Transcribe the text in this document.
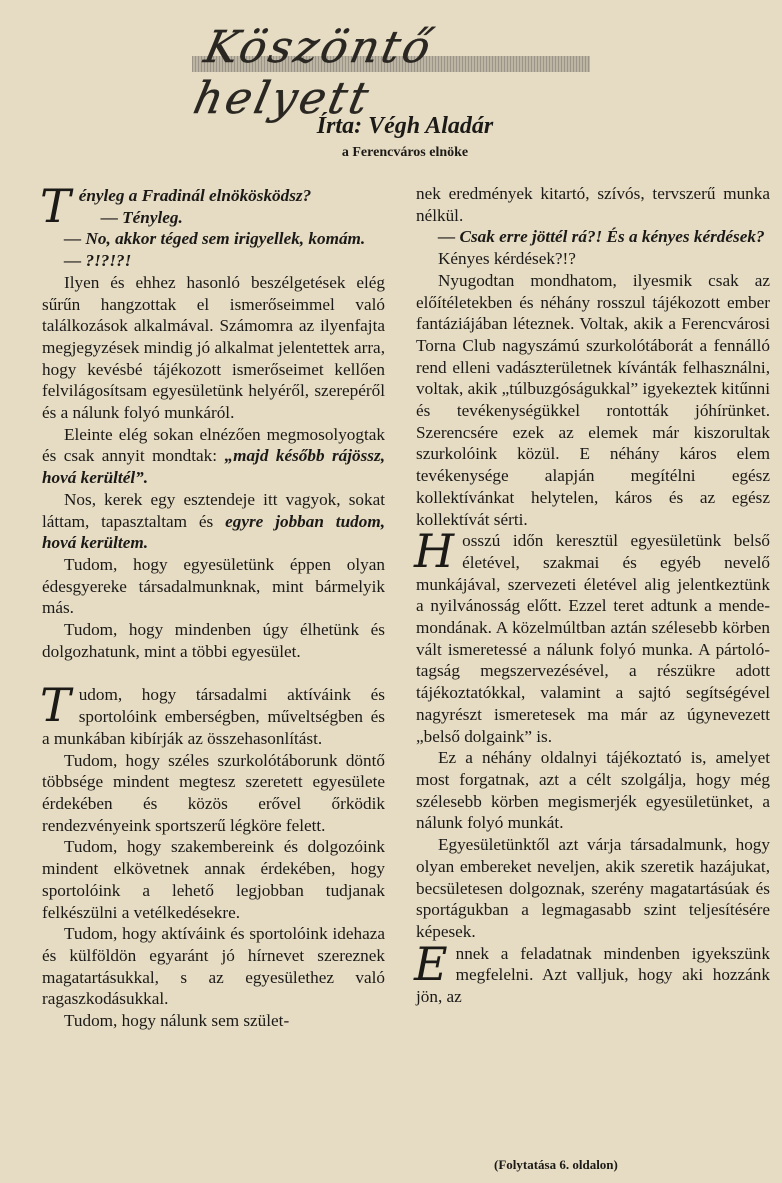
Köszöntő helyett
Írta: Végh Aladár
a Ferencváros elnöke

Tényleg a Fradinál elnökösködsz?

— Tényleg.

— No, akkor téged sem irigyellek, komám.

— ?!?!?!

Ilyen és ehhez hasonló beszélgetések elég sűrűn hangzottak el ismerőseimmel való találkozások alkalmával. Számomra az ilyenfajta megjegyzések mindig jó alkalmat jelentettek arra, hogy kevésbé tájékozott ismerőseimet kellően felvilágosítsam egyesületünk helyéről, szerepéről és a nálunk folyó munkáról.

Eleinte elég sokan elnézően megmosolyogtak és csak annyit mondtak: „majd később rájössz, hová kerültél”.

Nos, kerek egy esztendeje itt vagyok, sokat láttam, tapasztaltam és egyre jobban tudom, hová kerültem.

Tudom, hogy egyesületünk éppen olyan édesgyereke társadalmunknak, mint bármelyik más.

Tudom, hogy mindenben úgy élhetünk és dolgozhatunk, mint a többi egyesület.

Tudom, hogy társadalmi aktíváink és sportolóink emberségben, műveltségben és a munkában kibírják az összehasonlítást.

Tudom, hogy széles szurkolótáborunk döntő többsége mindent megtesz szeretett egyesülete érdekében és közös erővel őrködik rendezvényeink sportszerű légköre felett.

Tudom, hogy szakembereink és dolgozóink mindent elkövetnek annak érdekében, hogy sportolóink a lehető legjobban tudjanak felkészülni a vetélkedésekre.

Tudom, hogy aktíváink és sportolóink idehaza és külföldön egyaránt jó hírnevet szereznek magatartásukkal, s az egyesülethez való ragaszkodásukkal.

Tudom, hogy nálunk sem szület-

nek eredmények kitartó, szívós, tervszerű munka nélkül.

— Csak erre jöttél rá?! És a kényes kérdések?

Kényes kérdések?!?

Nyugodtan mondhatom, ilyesmik csak az előítéletekben és néhány rosszul tájékozott ember fantáziájában léteznek. Voltak, akik a Ferencvárosi Torna Club nagyszámú szurkolótáborát a fennálló rend elleni vadászterületnek kívánták felhasználni, voltak, akik „túlbuzgóságukkal” igyekeztek kitűnni és tevékenységükkel rontották jóhírünket. Szerencsére ezek az elemek már kiszorultak szurkolóink közül. E néhány káros elem tevékenysége alapján megítélni egész kollektívánkat helytelen, káros és az egész kollektívát sérti.

Hosszú időn keresztül egyesületünk belső életével, szakmai és egyéb nevelő munkájával, szervezeti életével alig jelentkeztünk a nyilvánosság előtt. Ezzel teret adtunk a mende-mondának. A közelmúltban aztán szélesebb körben vált ismeretessé a nálunk folyó munka. A pártoló-tagság megszervezésével, a részükre adott tájékoztatókkal, valamint a sajtó segítségével nagyrészt ismeretesek ma már az úgynevezett „belső dolgaink” is.

Ez a néhány oldalnyi tájékoztató is, amelyet most forgatnak, azt a célt szolgálja, hogy még szélesebb körben megismerjék egyesületünket, a nálunk folyó munkát.

Egyesületünktől azt várja társadalmunk, hogy olyan embereket neveljen, akik szeretik hazájukat, becsületesen dolgoznak, szerény magatartásúak és sportágukban a legmagasabb szint teljesítésére képesek.

Ennek a feladatnak mindenben igyekszünk megfelelni. Azt valljuk, hogy aki hozzánk jön, az

(Folytatása 6. oldalon)
